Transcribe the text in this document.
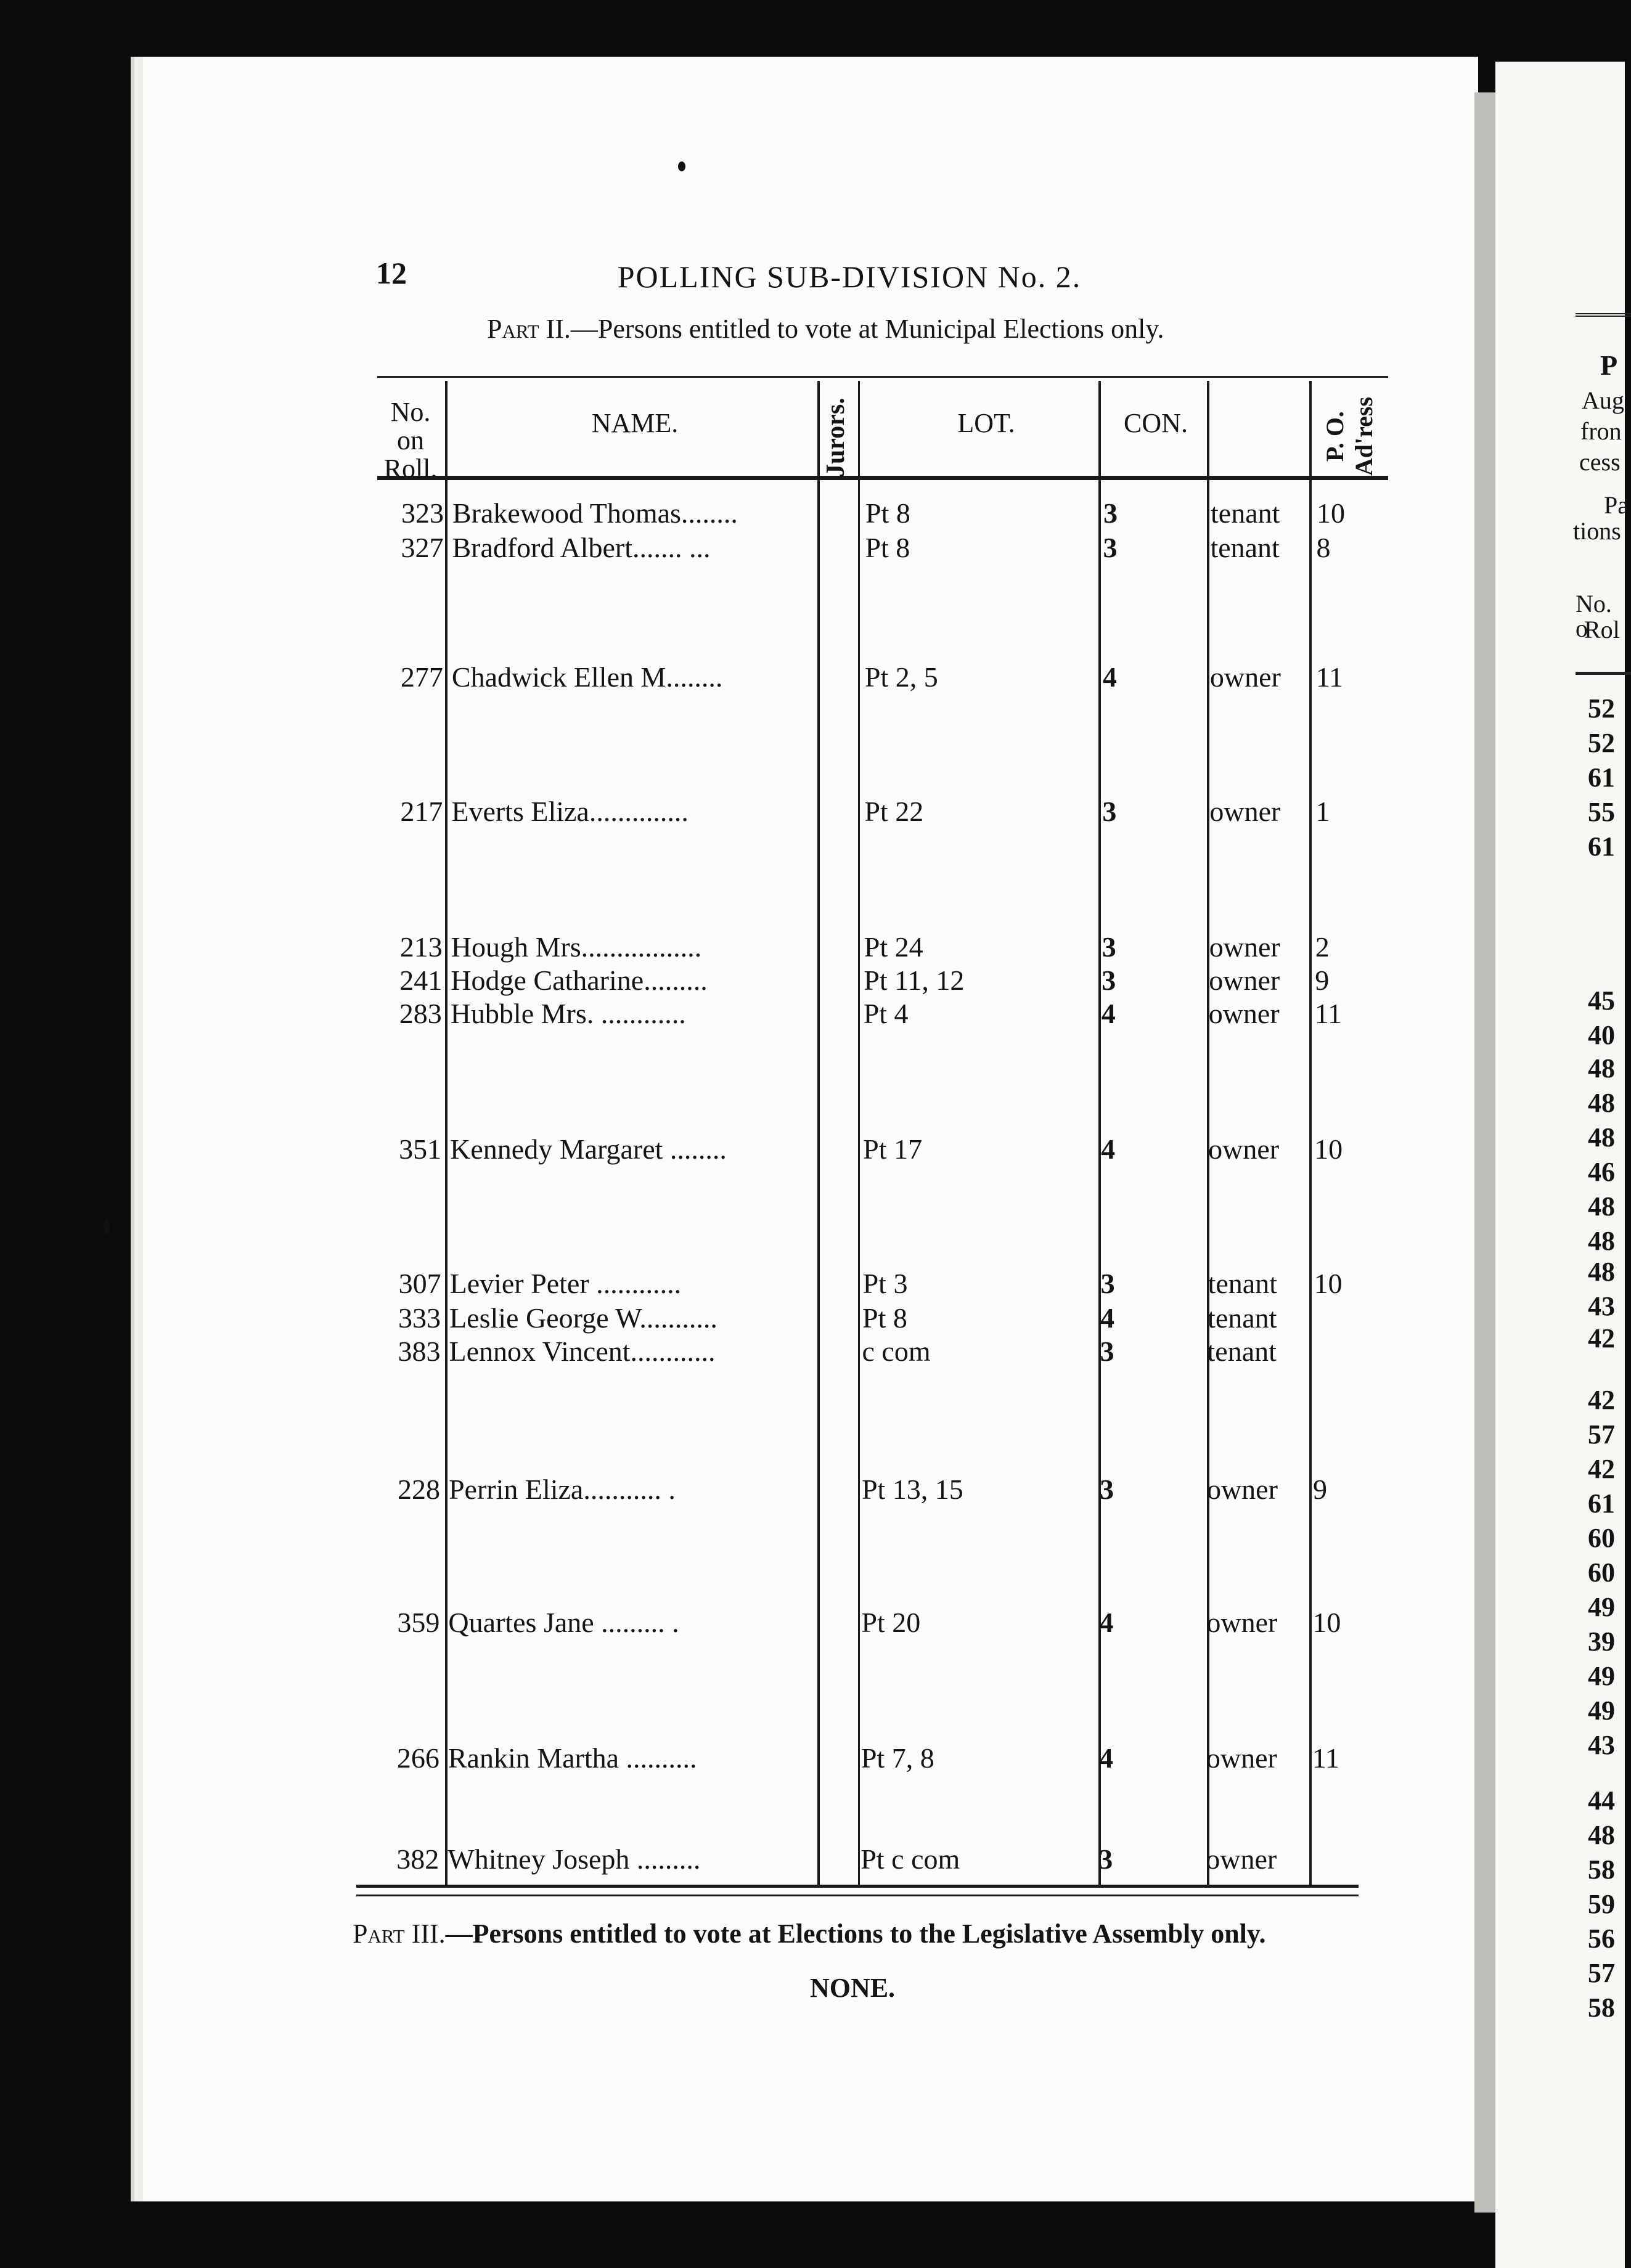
P
Aug
fron
cess
Pa
tions
No. o
Rol
52
52
61
55
61
45
40
48
48
48
46
48
48
48
43
42
42
57
42
61
60
60
49
39
49
49
43
44
48
58
59
56
57
58
12	POLLING SUB-DIVISION No. 2.
Part II.—Persons entitled to vote at Municipal Elections only.
No. on Roll.
NAME.	Jurors.	LOT.	CON.	P. O. Ad'ress
323 Brakewood Thomas........	Pt 8	3	tenant 10
327 Bradford Albert....... ...	Pt 8	3	tenant 8
277 Chadwick Ellen M........	Pt 2, 5	4	owner 11
217 Everts Eliza..............	Pt 22	3	owner 1
213 Hough Mrs.................	Pt 24	3	owner 2
241 Hodge Catharine.........	Pt 11, 12	3	owner 9
283 Hubble Mrs. ............	Pt 4	4	owner 11
351 Kennedy Margaret ........	Pt 17	4	owner 10
307 Levier Peter ............	Pt 3	3	tenant 10
333 Leslie George W...........	Pt 8	4	tenant
383 Lennox Vincent............	c com	3	tenant
228 Perrin Eliza........... .	Pt 13, 15	3	owner 9
359 Quartes Jane ......... .	Pt 20	4	owner 10
266 Rankin Martha ..........	Pt 7, 8	4	owner 11
382 Whitney Joseph .........	Pt c com	3	owner
Part III.—Persons entitled to vote at Elections to the Legislative Assembly only.
NONE.
